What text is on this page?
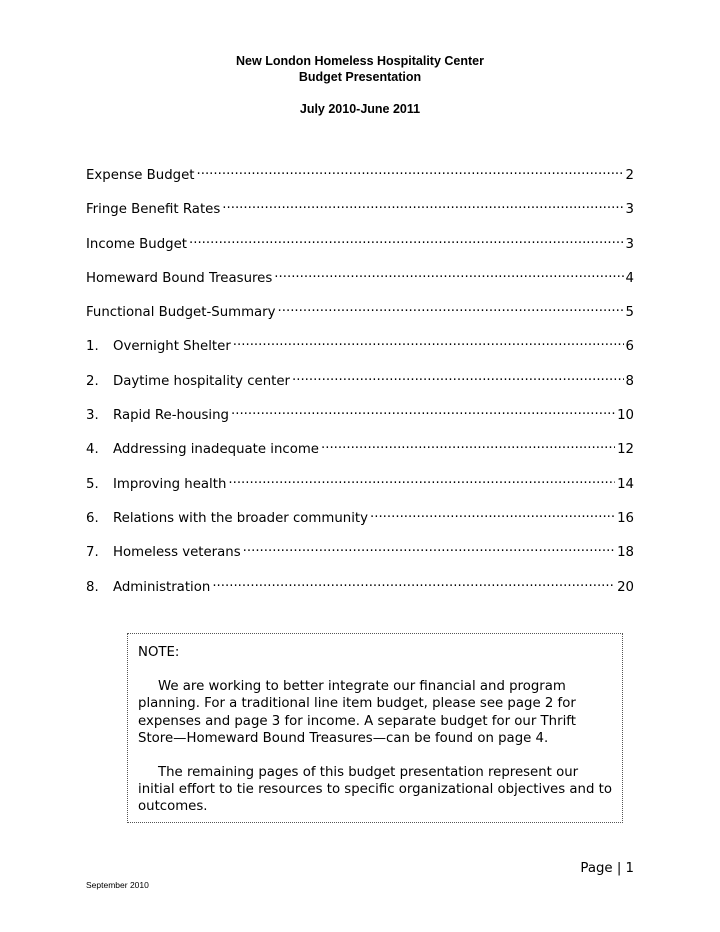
New London Homeless Hospitality Center
Budget Presentation
July 2010-June 2011
Expense Budget .....	2
Fringe Benefit Rates .....	3
Income Budget .....	3
Homeward Bound Treasures .....	4
Functional Budget-Summary .....	5
1.	Overnight Shelter .....	6
2.	Daytime hospitality center .....	8
3.	Rapid Re-housing .....	10
4.	Addressing inadequate income .....	12
5.	Improving health .....	14
6.	Relations with the broader community .....	16
7.	Homeless veterans .....	18
8.	Administration .....	20

NOTE:

We are working to better integrate our financial and program planning. For a traditional line item budget, please see page 2 for expenses and page 3 for income. A separate budget for our Thrift Store—Homeward Bound Treasures—can be found on page 4.

The remaining pages of this budget presentation represent our initial effort to tie resources to specific organizational objectives and to outcomes.

Page | 1
September 2010
